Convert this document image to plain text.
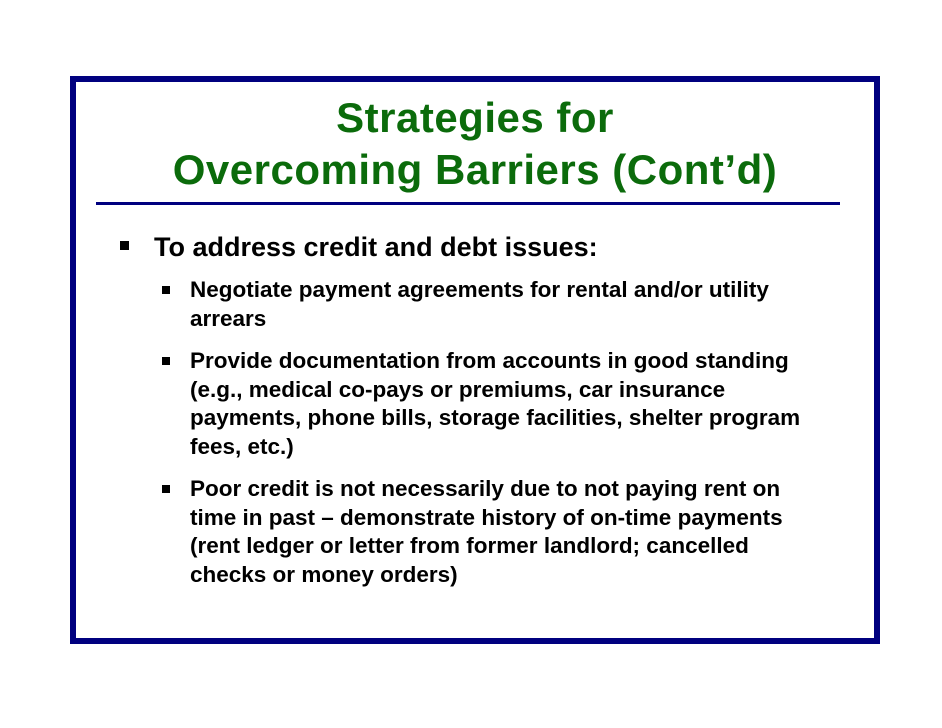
Strategies for
Overcoming Barriers (Cont’d)
To address credit and debt issues:
Negotiate payment agreements for rental and/or utility arrears
Provide documentation from accounts in good standing (e.g., medical co-pays or premiums, car insurance payments, phone bills, storage facilities, shelter program fees, etc.)
Poor credit is not necessarily due to not paying rent on time in past – demonstrate history of on-time payments (rent ledger or letter from former landlord; cancelled checks or money orders)
